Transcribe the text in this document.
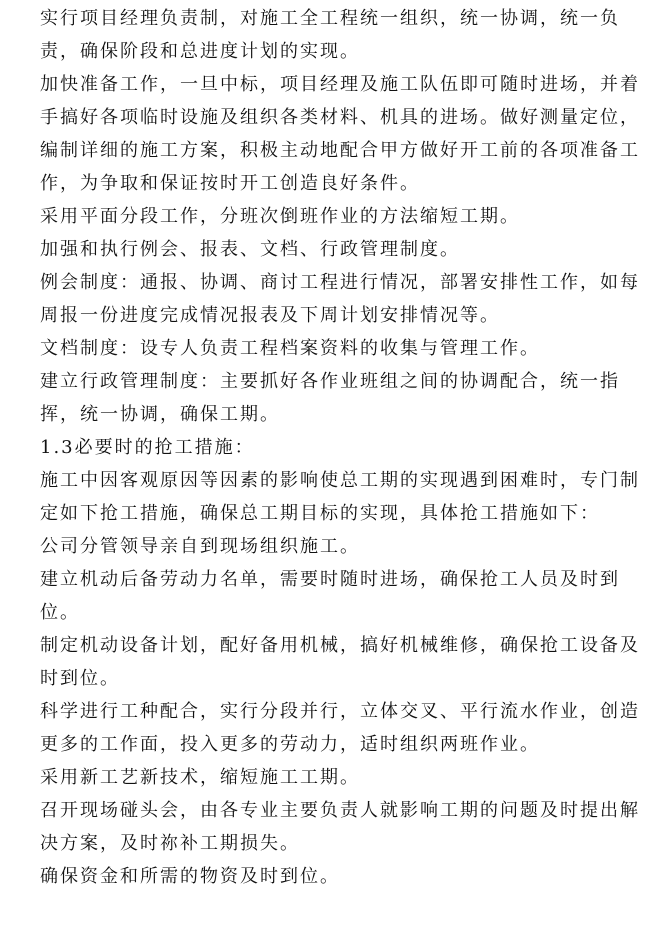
实行项目经理负责制，对施工全工程统一组织，统一协调，统一负责，确保阶段和总进度计划的实现。

加快准备工作，一旦中标，项目经理及施工队伍即可随时进场，并着手搞好各项临时设施及组织各类材料、机具的进场。做好测量定位，编制详细的施工方案，积极主动地配合甲方做好开工前的各项准备工作，为争取和保证按时开工创造良好条件。

采用平面分段工作，分班次倒班作业的方法缩短工期。

加强和执行例会、报表、文档、行政管理制度。

例会制度：通报、协调、商讨工程进行情况，部署安排性工作，如每周报一份进度完成情况报表及下周计划安排情况等。

文档制度：设专人负责工程档案资料的收集与管理工作。

建立行政管理制度：主要抓好各作业班组之间的协调配合，统一指挥，统一协调，确保工期。

1.3必要时的抢工措施：

施工中因客观原因等因素的影响使总工期的实现遇到困难时，专门制定如下抢工措施，确保总工期目标的实现，具体抢工措施如下：

公司分管领导亲自到现场组织施工。

建立机动后备劳动力名单，需要时随时进场，确保抢工人员及时到位。

制定机动设备计划，配好备用机械，搞好机械维修，确保抢工设备及时到位。

科学进行工种配合，实行分段并行，立体交叉、平行流水作业，创造更多的工作面，投入更多的劳动力，适时组织两班作业。

采用新工艺新技术，缩短施工工期。

召开现场碰头会，由各专业主要负责人就影响工期的问题及时提出解决方案，及时祢补工期损失。

确保资金和所需的物资及时到位。
